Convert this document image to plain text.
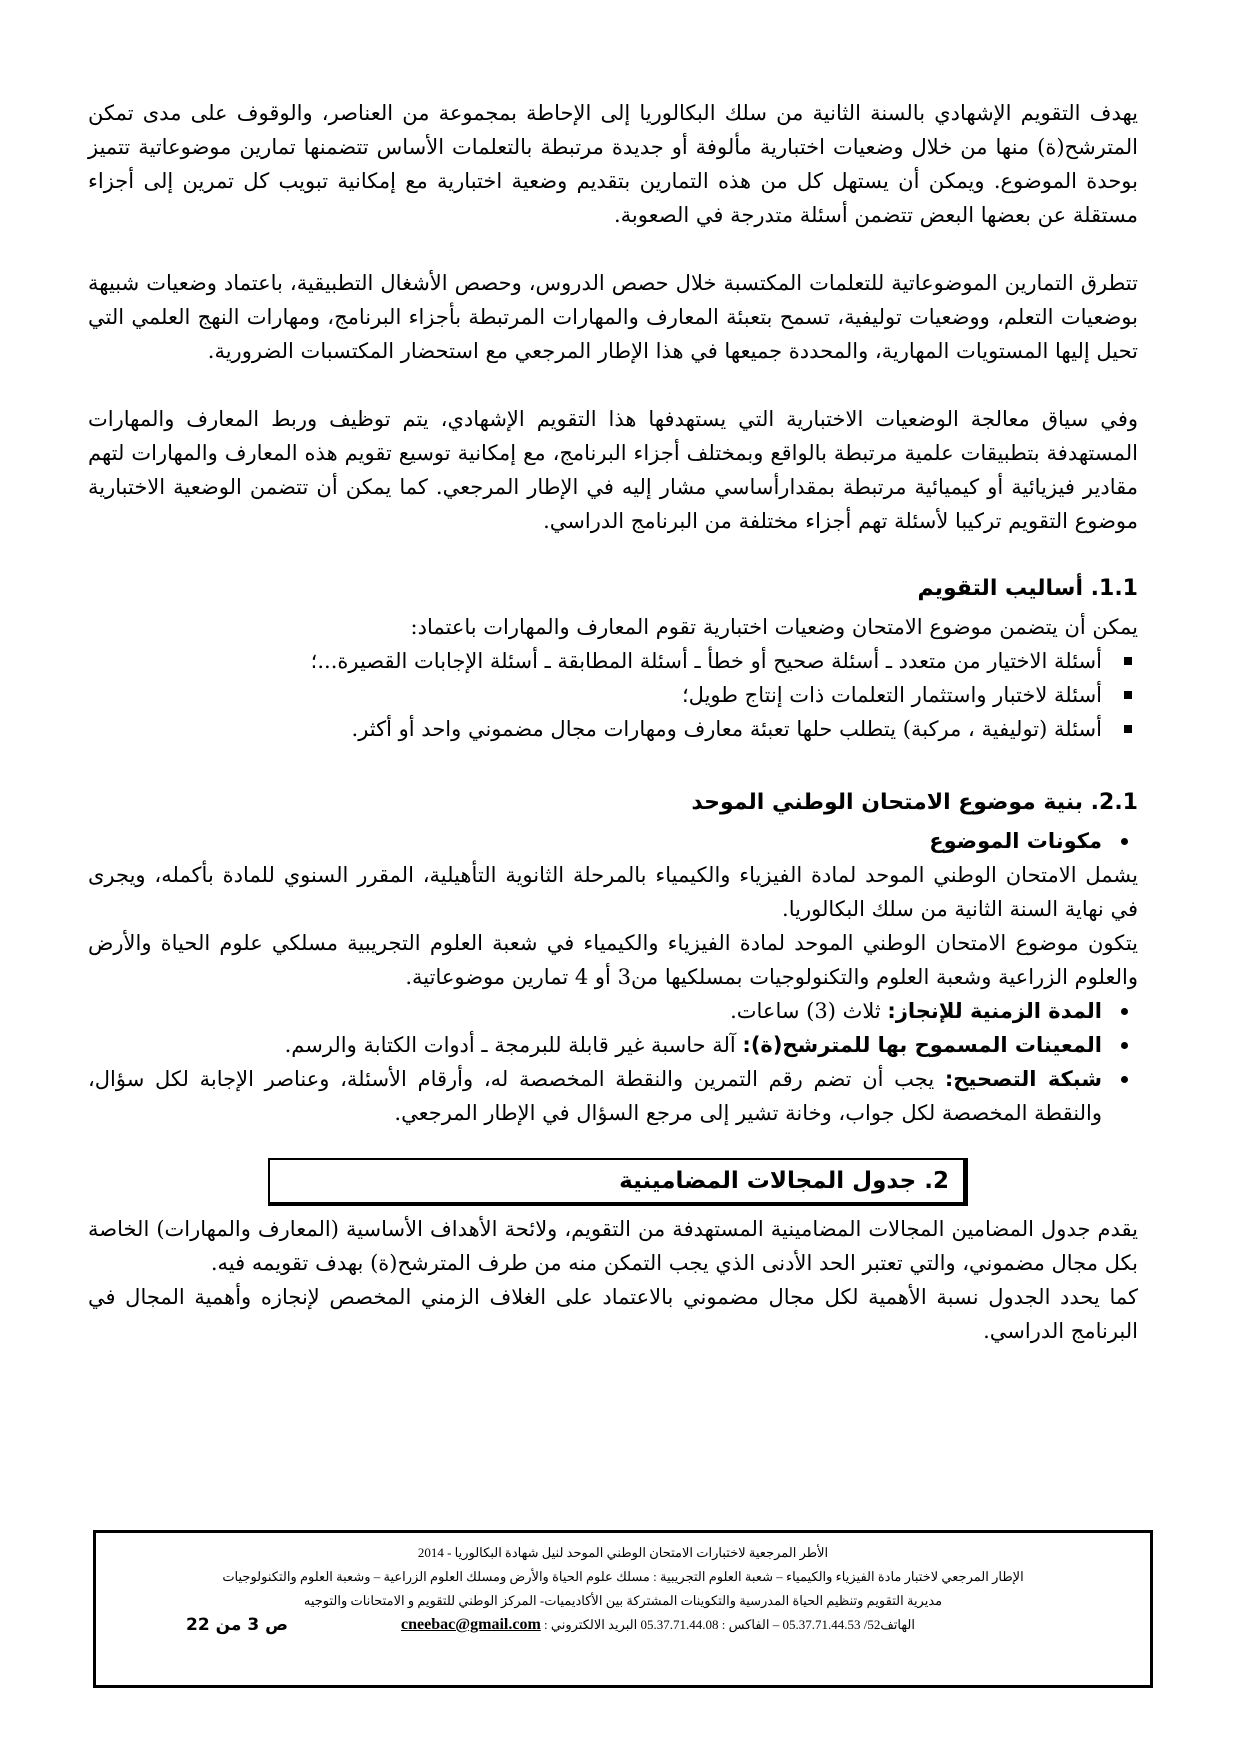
يهدف التقويم الإشهادي بالسنة الثانية من سلك البكالوريا إلى الإحاطة بمجموعة من العناصر، والوقوف على مدى تمكن المترشح(ة) منها من خلال وضعيات اختبارية مألوفة أو جديدة مرتبطة بالتعلمات الأساس تتضمنها تمارين موضوعاتية تتميز بوحدة الموضوع. ويمكن أن يستهل كل من هذه التمارين بتقديم وضعية اختبارية مع إمكانية تبويب كل تمرين إلى أجزاء مستقلة عن بعضها البعض تتضمن أسئلة متدرجة في الصعوبة.

تتطرق التمارين الموضوعاتية للتعلمات المكتسبة خلال حصص الدروس، وحصص الأشغال التطبيقية، باعتماد وضعيات شبيهة بوضعيات التعلم، ووضعيات توليفية، تسمح بتعبئة المعارف والمهارات المرتبطة بأجزاء البرنامج، ومهارات النهج العلمي التي تحيل إليها المستويات المهارية، والمحددة جميعها في هذا الإطار المرجعي مع استحضار المكتسبات الضرورية.

وفي سياق معالجة الوضعيات الاختبارية التي يستهدفها هذا التقويم الإشهادي، يتم توظيف وربط المعارف والمهارات المستهدفة بتطبيقات علمية مرتبطة بالواقع وبمختلف أجزاء البرنامج، مع إمكانية توسيع تقويم هذه المعارف والمهارات لتهم مقادير فيزيائية أو كيميائية مرتبطة بمقدارأساسي مشار إليه في الإطار المرجعي. كما يمكن أن تتضمن الوضعية الاختبارية موضوع التقويم تركيبا لأسئلة تهم أجزاء مختلفة من البرنامج الدراسي.

1.1. أساليب التقويم

يمكن أن يتضمن موضوع الامتحان وضعيات اختبارية تقوم المعارف والمهارات باعتماد:

أسئلة الاختيار من متعدد ـ أسئلة صحيح أو خطأ ـ أسئلة المطابقة ـ أسئلة الإجابات القصيرة...؛
أسئلة لاختبار واستثمار التعلمات ذات إنتاج طويل؛
أسئلة (توليفية ، مركبة) يتطلب حلها تعبئة معارف ومهارات مجال مضموني واحد أو أكثر.
2.1. بنية موضوع الامتحان الوطني الموحد
مكونات الموضوع

يشمل الامتحان الوطني الموحد لمادة الفيزياء والكيمياء بالمرحلة الثانوية التأهيلية، المقرر السنوي للمادة بأكمله، ويجرى في نهاية السنة الثانية من سلك البكالوريا.

يتكون موضوع الامتحان الوطني الموحد لمادة الفيزياء والكيمياء في شعبة العلوم التجريبية مسلكي علوم الحياة والأرض والعلوم الزراعية وشعبة العلوم والتكنولوجيات بمسلكيها من3 أو 4 تمارين موضوعاتية.

المدة الزمنية للإنجاز: ثلاث (3) ساعات.
المعينات المسموح بها للمترشح(ة): آلة حاسبة غير قابلة للبرمجة ـ أدوات الكتابة والرسم.
شبكة التصحيح: يجب أن تضم رقم التمرين والنقطة المخصصة له، وأرقام الأسئلة، وعناصر الإجابة لكل سؤال، والنقطة المخصصة لكل جواب، وخانة تشير إلى مرجع السؤال في الإطار المرجعي.
2. جدول المجالات المضامينية

يقدم جدول المضامين المجالات المضامينية المستهدفة من التقويم، ولائحة الأهداف الأساسية (المعارف والمهارات) الخاصة بكل مجال مضموني، والتي تعتبر الحد الأدنى الذي يجب التمكن منه من طرف المترشح(ة) بهدف تقويمه فيه.

كما يحدد الجدول نسبة الأهمية لكل مجال مضموني بالاعتماد على الغلاف الزمني المخصص لإنجازه وأهمية المجال في البرنامج الدراسي.

الأطر المرجعية لاختبارات الامتحان الوطني الموحد لنيل شهادة البكالوريا - 2014
الإطار المرجعي لاختبار مادة الفيزياء والكيمياء – شعبة العلوم التجريبية : مسلك علوم الحياة والأرض ومسلك العلوم الزراعية – وشعبة العلوم والتكنولوجيات
مديرية التقويم وتنظيم الحياة المدرسية والتكوينات المشتركة بين الأكاديميات- المركز الوطني للتقويم و الامتحانات والتوجيه
الهاتف52/ 05.37.71.44.53 – الفاكس : 05.37.71.44.08 البريد الالكتروني : cneebac@gmail.com
ص 3 من 22
